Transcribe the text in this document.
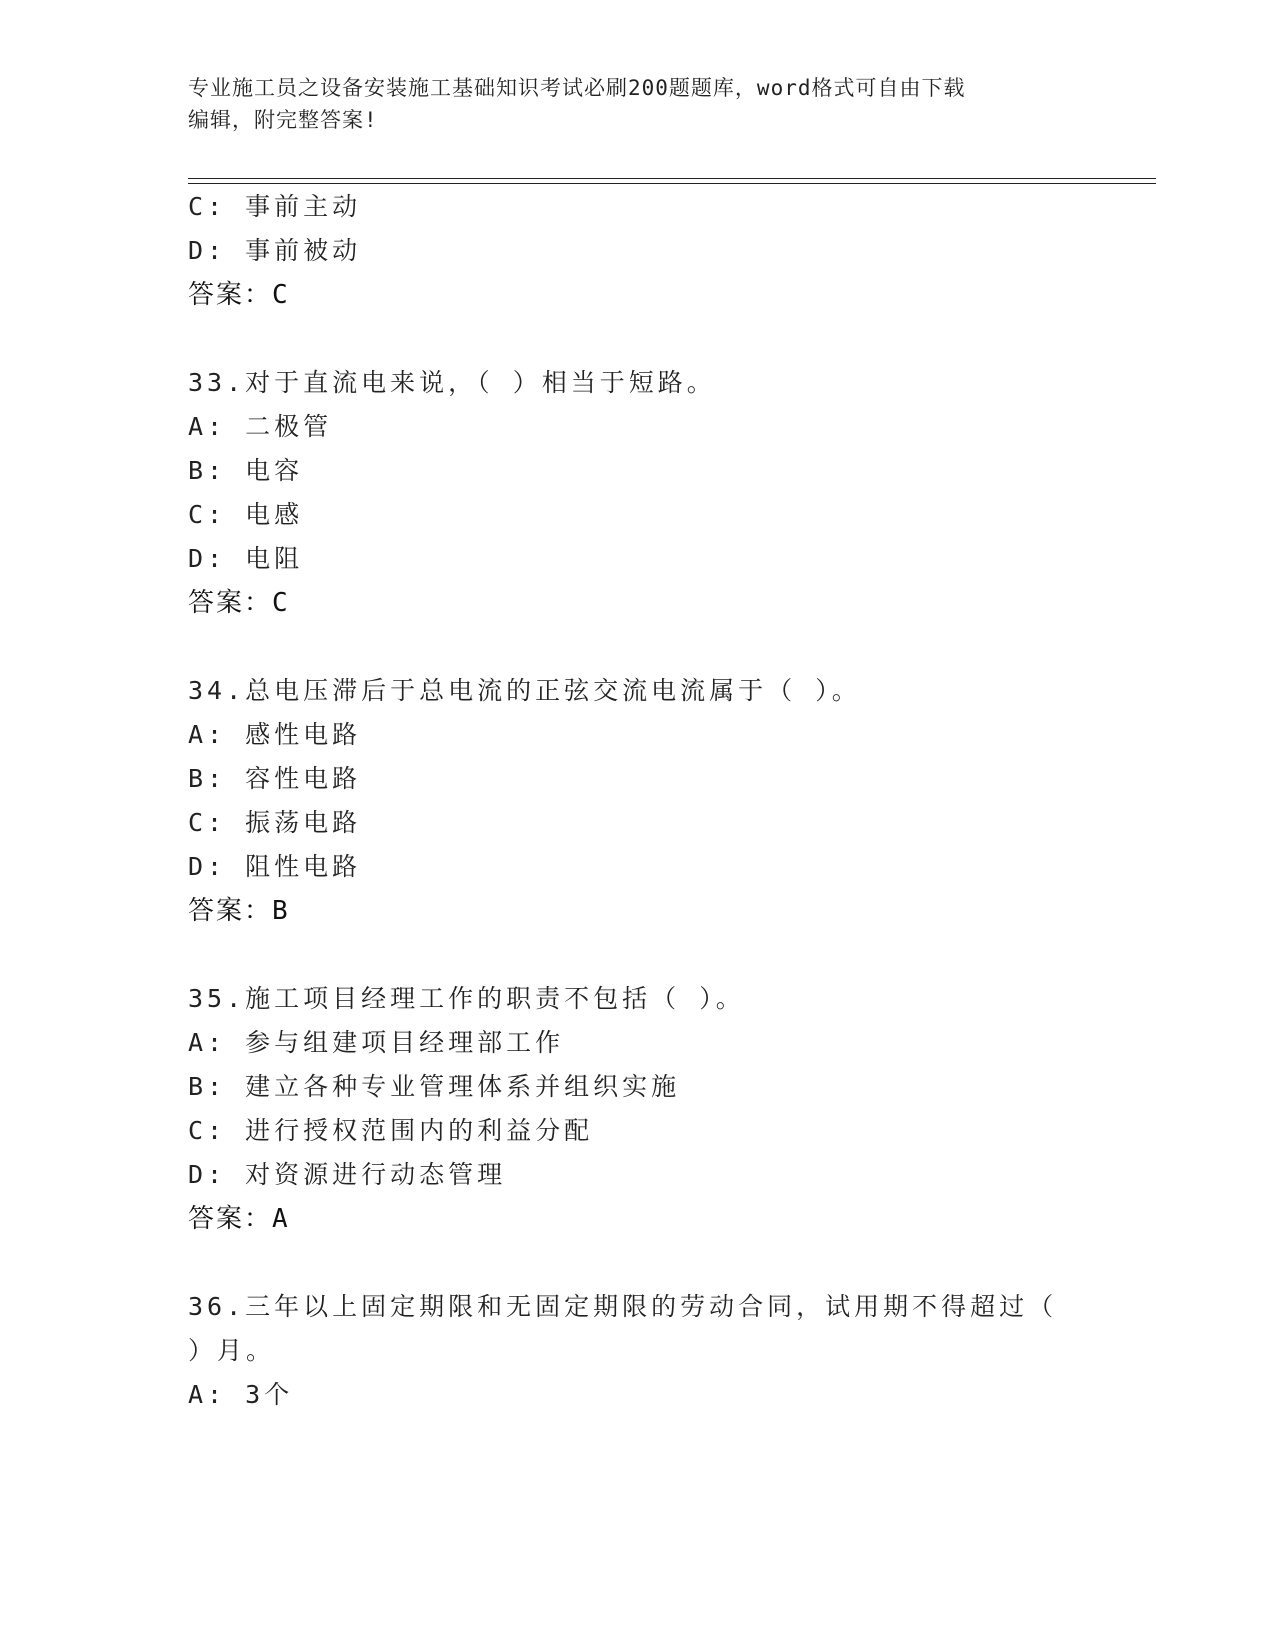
专业施工员之设备安装施工基础知识考试必刷200题题库，word格式可自由下载
编辑，附完整答案!
C: 事前主动
D: 事前被动
答案：C
33.对于直流电来说，（ ）相当于短路。
A: 二极管
B: 电容
C: 电感
D: 电阻
答案：C
34.总电压滞后于总电流的正弦交流电流属于（ ）。
A: 感性电路
B: 容性电路
C: 振荡电路
D: 阻性电路
答案：B
35.施工项目经理工作的职责不包括（ ）。
A: 参与组建项目经理部工作
B: 建立各种专业管理体系并组织实施
C: 进行授权范围内的利益分配
D: 对资源进行动态管理
答案：A
36.三年以上固定期限和无固定期限的劳动合同，试用期不得超过（
）月。
A: 3个
